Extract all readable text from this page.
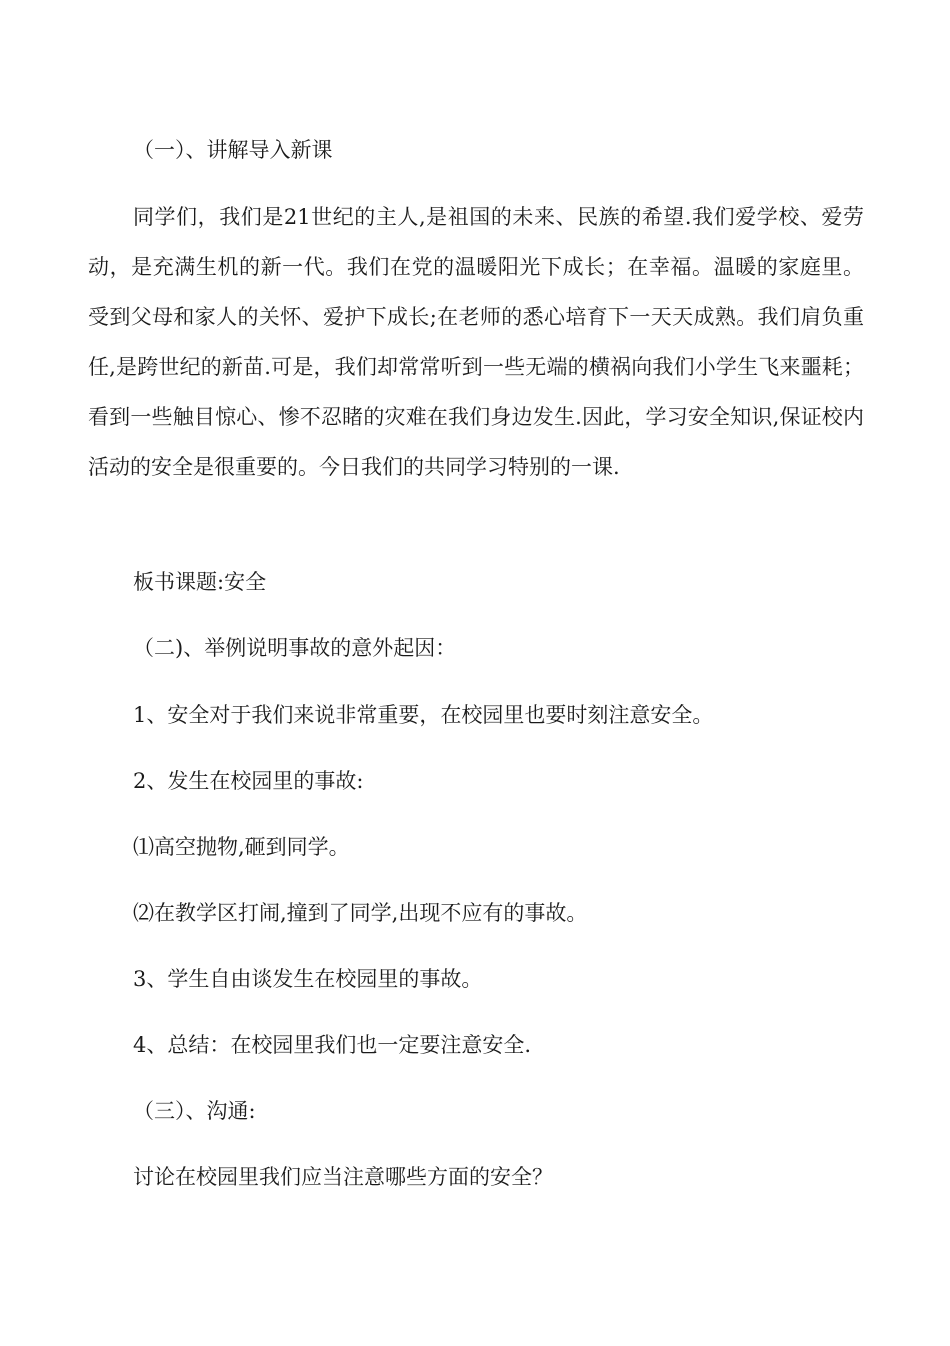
（一）、讲解导入新课
同学们，我们是21世纪的主人,是祖国的未来、民族的希望.我们爱学校、爱劳动，是充满生机的新一代。我们在党的温暖阳光下成长；在幸福。温暖的家庭里。受到父母和家人的关怀、爱护下成长;在老师的悉心培育下一天天成熟。我们肩负重任,是跨世纪的新苗.可是，我们却常常听到一些无端的横祸向我们小学生飞来噩耗；看到一些触目惊心、惨不忍睹的灾难在我们身边发生.因此，学习安全知识,保证校内活动的安全是很重要的。今日我们的共同学习特别的一课.
板书课题:安全
（二)、举例说明事故的意外起因：
1、安全对于我们来说非常重要，在校园里也要时刻注意安全。
2、发生在校园里的事故:
⑴高空抛物,砸到同学。
⑵在教学区打闹,撞到了同学,出现不应有的事故。
3、学生自由谈发生在校园里的事故。
4、总结：在校园里我们也一定要注意安全.
（三）、沟通:
讨论在校园里我们应当注意哪些方面的安全？
